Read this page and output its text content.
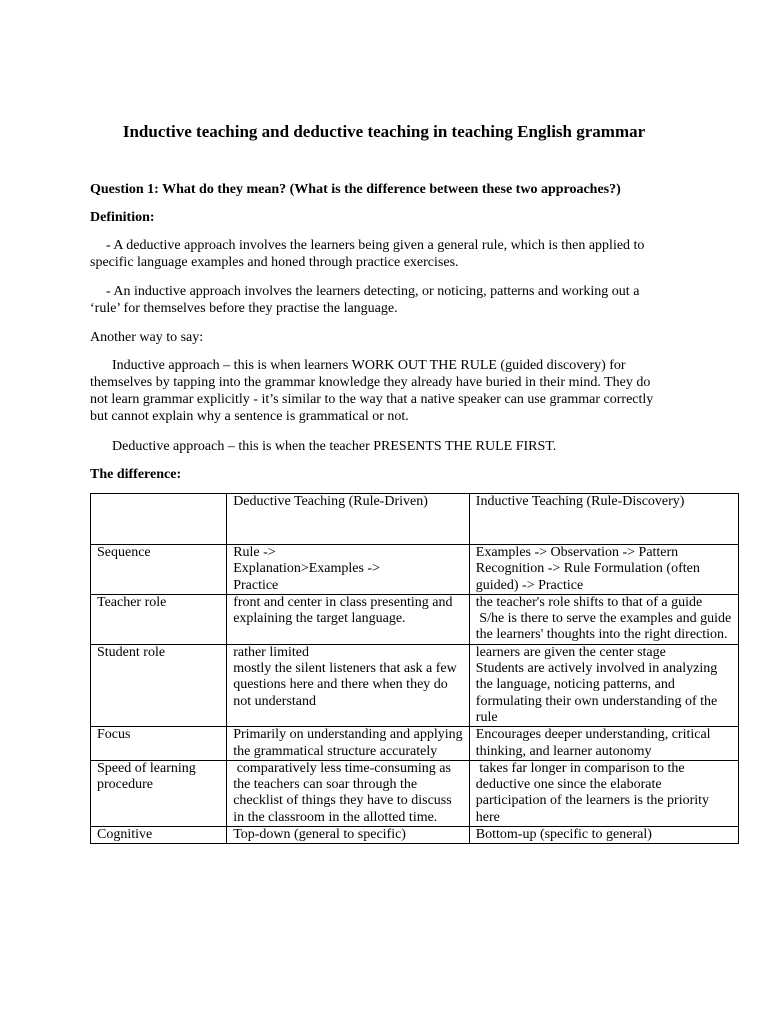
Inductive teaching and deductive teaching in teaching English grammar

Question 1: What do they mean? (What is the difference between these two approaches?)

Definition:

- A deductive approach involves the learners being given a general rule, which is then applied to specific language examples and honed through practice exercises.

- An inductive approach involves the learners detecting, or noticing, patterns and working out a ‘rule’ for themselves before they practise the language.

Another way to say:

Inductive approach – this is when learners WORK OUT THE RULE (guided discovery) for themselves by tapping into the grammar knowledge they already have buried in their mind. They do not learn grammar explicitly - it’s similar to the way that a native speaker can use grammar correctly but cannot explain why a sentence is grammatical or not.

Deductive approach – this is when the teacher PRESENTS THE RULE FIRST.

The difference:

	Deductive Teaching (Rule-Driven)	Inductive Teaching (Rule-Discovery)
Sequence	Rule ->
Explanation>Examples ->
Practice	Examples -> Observation -> Pattern Recognition -> Rule Formulation (often guided) -> Practice

Teacher role	front and center in class presenting and explaining the target language.	the teacher's role shifts to that of a guide
S/he is there to serve the examples and guide the learners' thoughts into the right direction.

Student role	rather limited
mostly the silent listeners that ask a few questions here and there when they do not understand	learners are given the center stage
Students are actively involved in analyzing the language, noticing patterns, and formulating their own understanding of the rule

Focus	Primarily on understanding and applying the grammatical structure accurately	Encourages deeper understanding, critical thinking, and learner autonomy

Speed of learning procedure	comparatively less time-consuming as the teachers can soar through the checklist of things they have to discuss in the classroom in the allotted time.	takes far longer in comparison to the deductive one since the elaborate participation of the learners is the priority here

Cognitive	Top-down (general to specific)	Bottom-up (specific to general)
